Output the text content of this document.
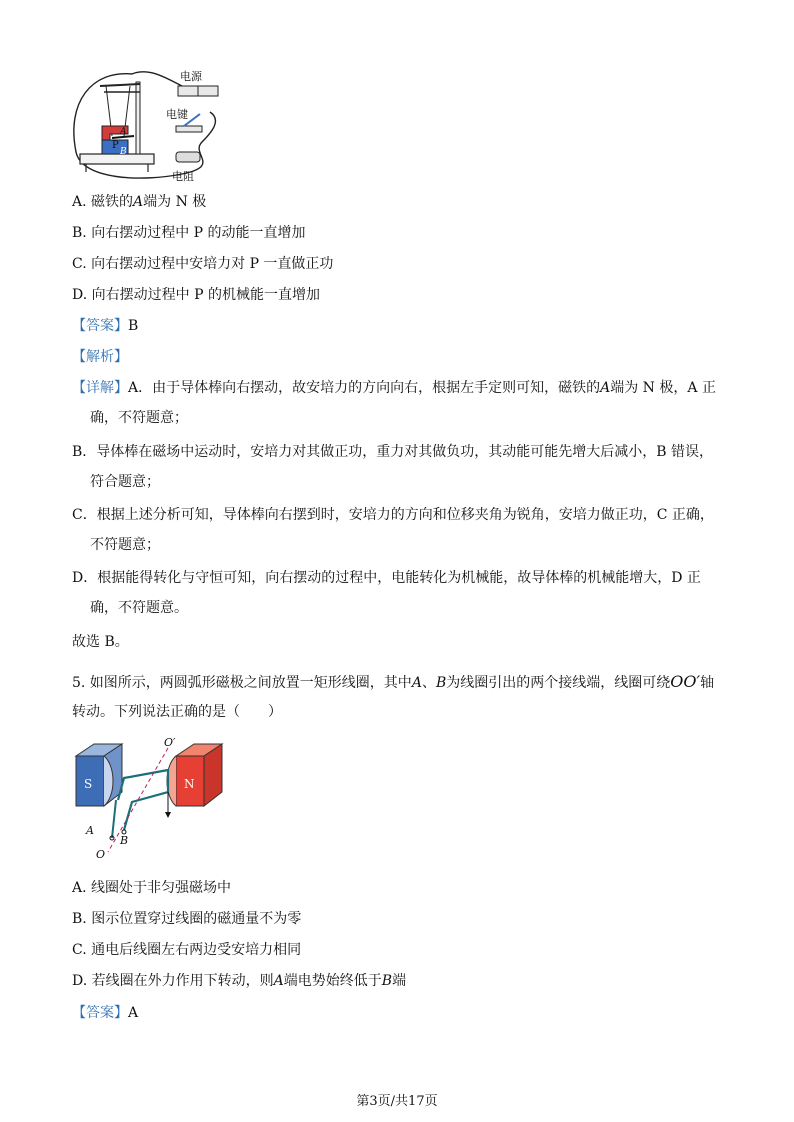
P
A
B
电源
电键
电阻
A. 磁铁的A端为 N 极
B. 向右摆动过程中 P 的动能一直增加
C. 向右摆动过程中安培力对 P 一直做正功
D. 向右摆动过程中 P 的机械能一直增加
【答案】B
【解析】
【详解】A．由于导体棒向右摆动，故安培力的方向向右，根据左手定则可知，磁铁的A端为 N 极，A 正
确，不符题意；
B．导体棒在磁场中运动时，安培力对其做正功，重力对其做负功，其动能可能先增大后减小，B 错误，
符合题意；
C．根据上述分析可知，导体棒向右摆到时，安培力的方向和位移夹角为锐角，安培力做正功，C 正确，
不符题意；
D．根据能得转化与守恒可知，向右摆动的过程中，电能转化为机械能，故导体棒的机械能增大，D 正
确，不符题意。
故选 B。
5. 如图所示，两圆弧形磁极之间放置一矩形线圈，其中A、B为线圈引出的两个接线端，线圈可绕OO′轴
转动。下列说法正确的是（　　）
S	N
O′
A
B
O
A. 线圈处于非匀强磁场中
B. 图示位置穿过线圈的磁通量不为零
C. 通电后线圈左右两边受安培力相同
D. 若线圈在外力作用下转动，则A端电势始终低于B端
【答案】A
第3页/共17页
